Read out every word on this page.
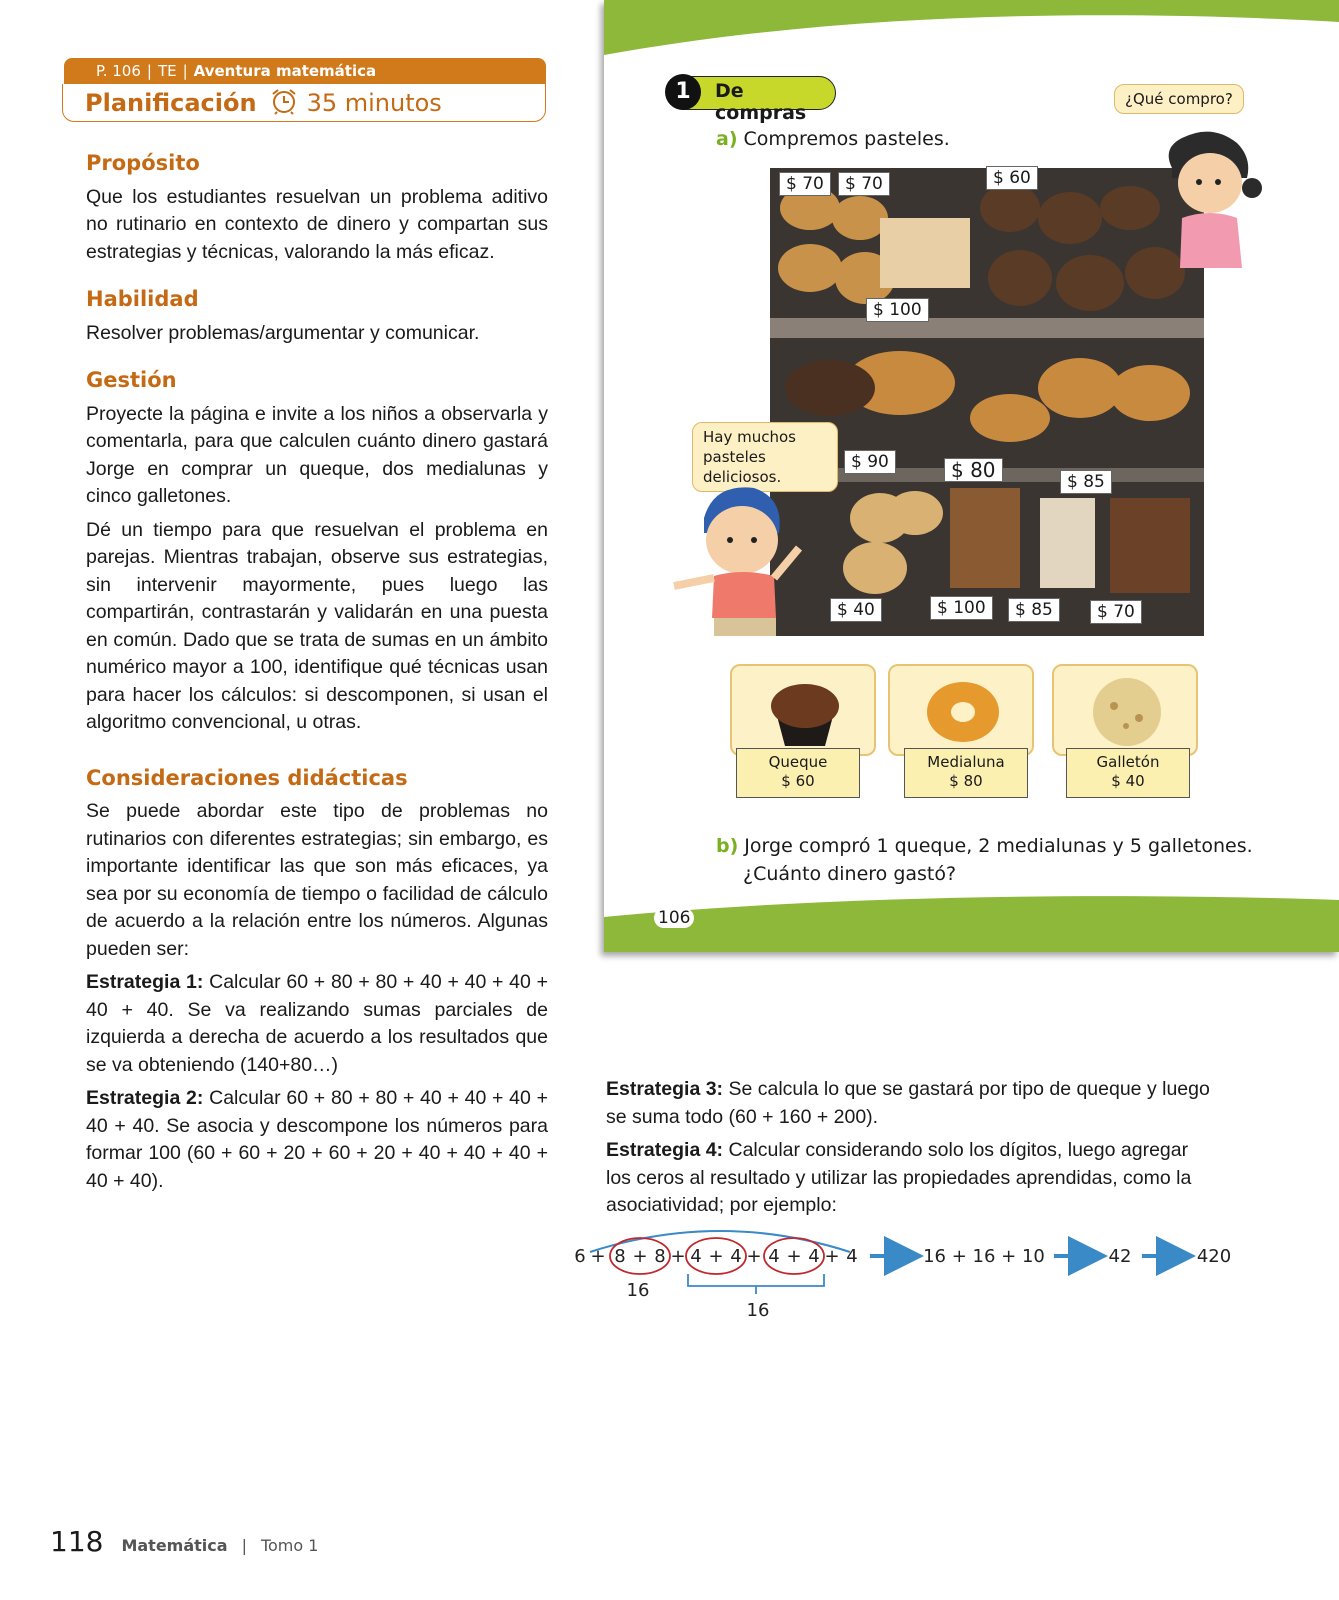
P. 106 | TE | Aventura matemática
Planificación 35 minutos
Propósito

Que los estudiantes resuelvan un problema aditivo no rutinario en contexto de dinero y compartan sus estrategias y técnicas, valorando la más eficaz.

Habilidad

Resolver problemas/argumentar y comunicar.

Gestión

Proyecte la página e invite a los niños a observarla y comentarla, para que calculen cuánto dinero gastará Jorge en comprar un queque, dos medialunas y cinco galletones.

Dé un tiempo para que resuelvan el problema en parejas. Mientras trabajan, observe sus estrategias, sin intervenir mayormente, pues luego las compartirán, contrastarán y validarán en una puesta en común. Dado que se trata de sumas en un ámbito numérico mayor a 100, identifique qué técnicas usan para hacer los cálculos: si descomponen, si usan el algoritmo convencional, u otras.

Consideraciones didácticas

Se puede abordar este tipo de problemas no rutinarios con diferentes estrategias; sin embargo, es importante identificar las que son más eficaces, ya sea por su economía de tiempo o facilidad de cálculo de acuerdo a la relación entre los números. Algunas pueden ser:

Estrategia 1: Calcular 60 + 80 + 80 + 40 + 40 + 40 + 40 + 40. Se va realizando sumas parciales de izquierda a derecha de acuerdo a los resultados que se va obteniendo (140+80…)

Estrategia 2: Calcular 60 + 80 + 80 + 40 + 40 + 40 + 40 + 40. Se asocia y descompone los números para formar 100 (60 + 60 + 20 + 60 + 20 + 40 + 40 + 40 + 40 + 40).

1	De compras
¿Qué compro?
a) Compremos pasteles.
$ 70	$ 70	$ 60
$ 100
$ 90	$ 80	$ 85
$ 40	$ 100	$ 85	$ 70
Hay muchos
pasteles deliciosos.
Queque
$ 60
Medialuna
$ 80
Galletón
$ 40
b) Jorge compró 1 queque, 2 medialunas y 5 galletones.
¿Cuánto dinero gastó?
106

Estrategia 3: Se calcula lo que se gastará por tipo de queque y luego se suma todo (60 + 160 + 200).

Estrategia 4: Calcular considerando solo los dígitos, luego agregar los ceros al resultado y utilizar las propiedades aprendidas, como la asociatividad; por ejemplo:

6 + 8 + 8 + 4 + 4 + 4 + 4 + 4
16
16
16 + 16 + 10	42	420
118 Matemática | Tomo 1
